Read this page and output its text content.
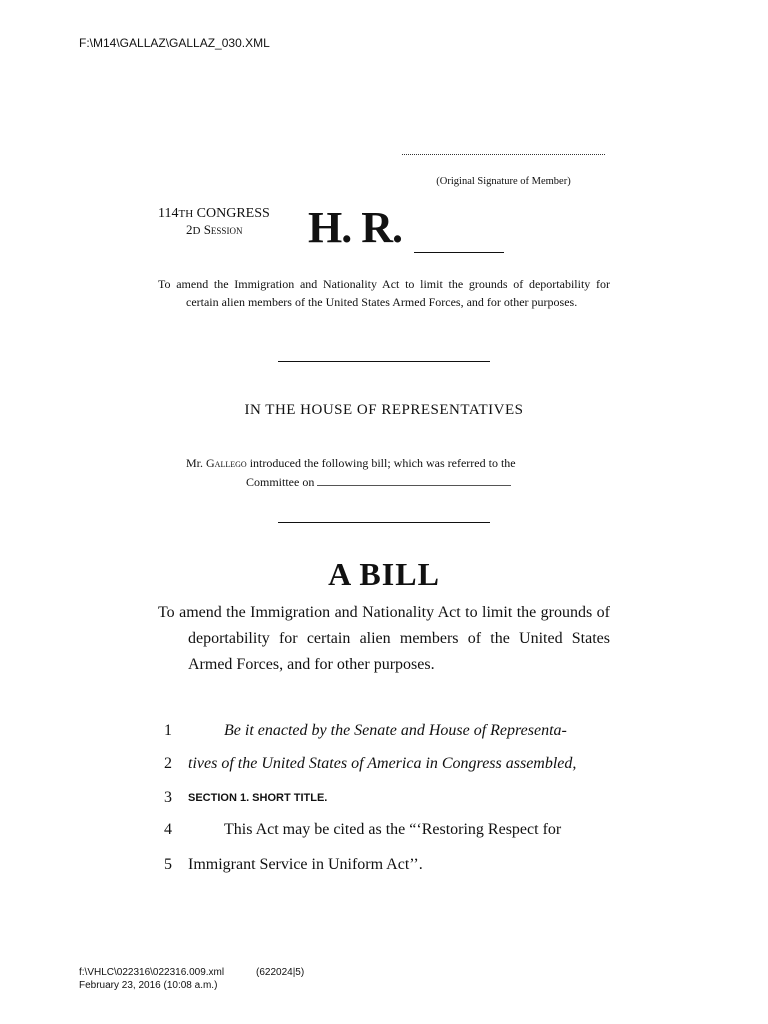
F:\M14\GALLAZ\GALLAZ_030.XML
(Original Signature of Member)
114TH CONGRESS
2D Session H. R.

To amend the Immigration and Nationality Act to limit the grounds of deportability for certain alien members of the United States Armed Forces, and for other purposes.

IN THE HOUSE OF REPRESENTATIVES
Mr. Gallego introduced the following bill; which was referred to the
Committee on
A BILL

To amend the Immigration and Nationality Act to limit the grounds of deportability for certain alien members of the United States Armed Forces, and for other purposes.

1	Be it enacted by the Senate and House of Representa-
2	tives of the United States of America in Congress assembled,
3	SECTION 1. SHORT TITLE.
4	This Act may be cited as the “‘Restoring Respect for
5	Immigrant Service in Uniform Act’’.
f:\VHLC\022316\022316.009.xml	(622024|5)
February 23, 2016 (10:08 a.m.)
